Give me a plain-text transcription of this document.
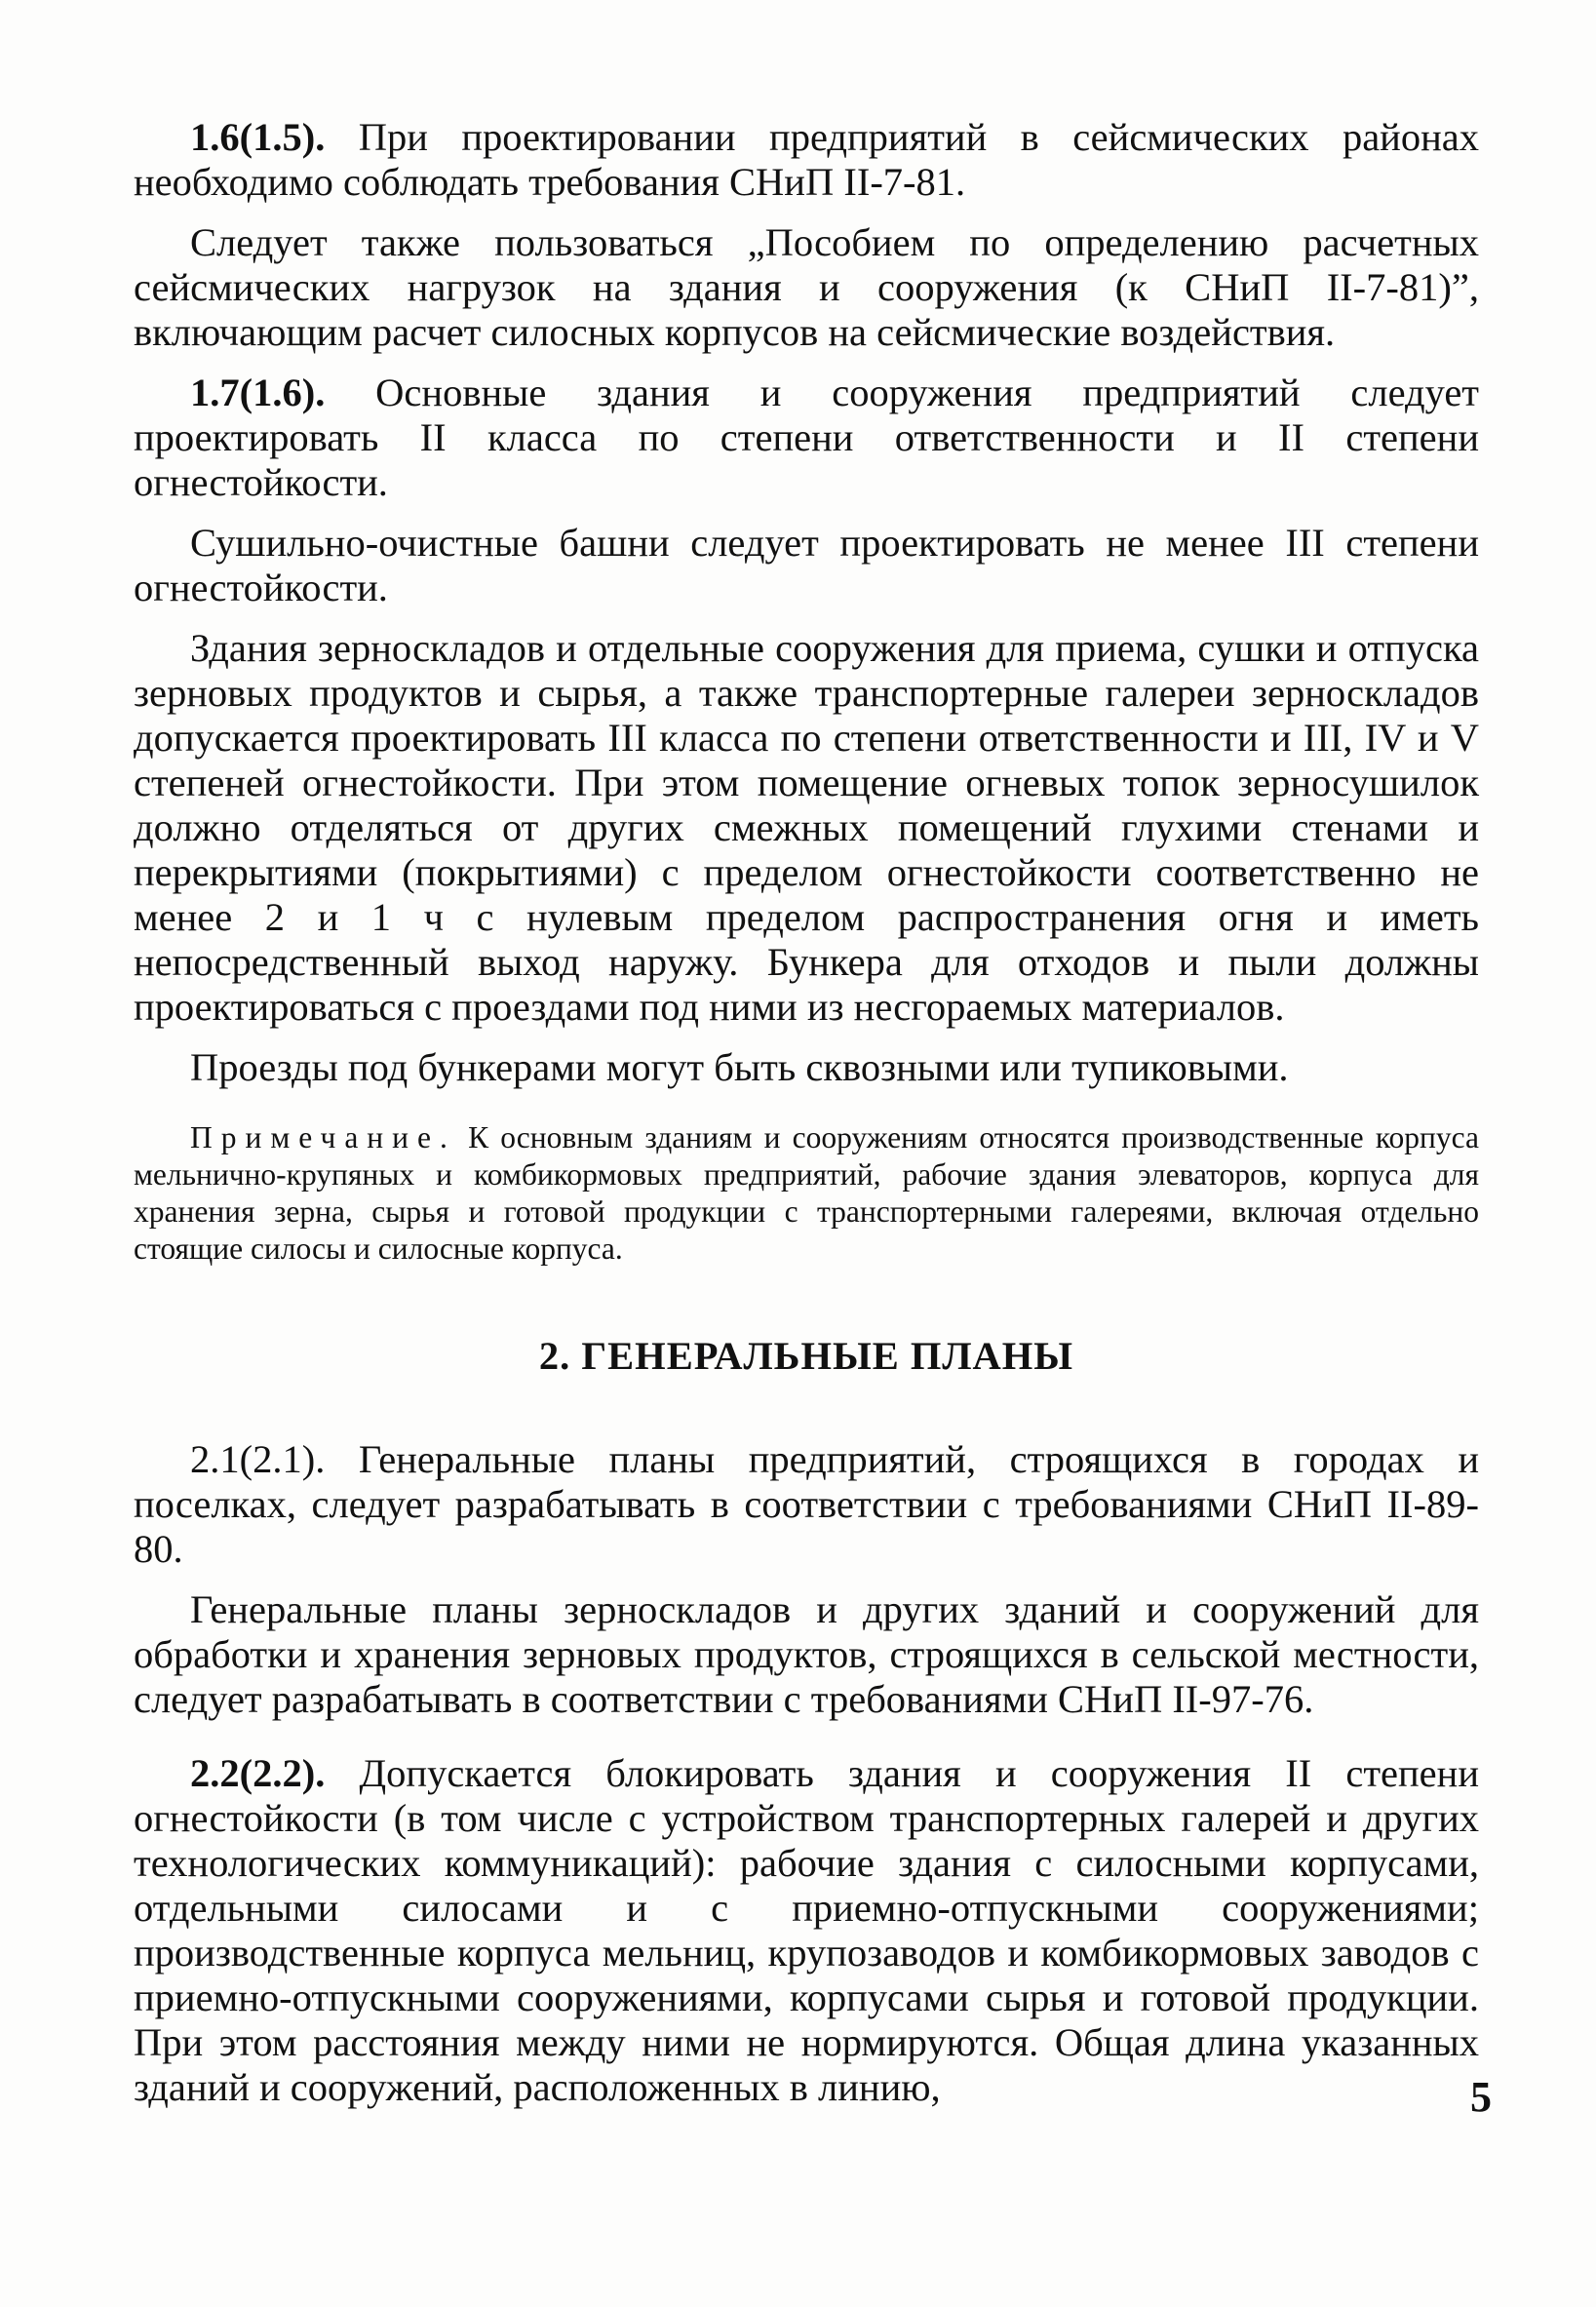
1.6(1.5). При проектировании предприятий в сейсмических районах необходимо соблюдать требования СНиП II-7-81.

Следует также пользоваться „Пособием по определению расчетных сейсмических нагрузок на здания и сооружения (к СНиП II-7-81)”, включающим расчет силосных корпусов на сейсмические воздействия.

1.7(1.6). Основные здания и сооружения предприятий следует проектировать II класса по степени ответственности и II степени огнестойкости.

Сушильно-очистные башни следует проектировать не менее III степени огнестойкости.

Здания зерноскладов и отдельные сооружения для приема, сушки и отпуска зерновых продуктов и сырья, а также транспортерные галереи зерноскладов допускается проектировать III класса по степени ответственности и III, IV и V степеней огнестойкости. При этом помещение огневых топок зерносушилок должно отделяться от других смежных помещений глухими стенами и перекрытиями (покрытиями) с пределом огнестойкости соответственно не менее 2 и 1 ч с нулевым пределом распространения огня и иметь непосредственный выход наружу. Бункера для отходов и пыли должны проектироваться с проездами под ними из несгораемых материалов.

Проезды под бункерами могут быть сквозными или тупиковыми.

Примечание. К основным зданиям и сооружениям относятся производственные корпуса мельнично-крупяных и комбикормовых предприятий, рабочие здания элеваторов, корпуса для хранения зерна, сырья и готовой продукции с транспортерными галереями, включая отдельно стоящие силосы и силосные корпуса.

2. ГЕНЕРАЛЬНЫЕ ПЛАНЫ

2.1(2.1). Генеральные планы предприятий, строящихся в городах и поселках, следует разрабатывать в соответствии с требованиями СНиП II-89-80.

Генеральные планы зерноскладов и других зданий и сооружений для обработки и хранения зерновых продуктов, строящихся в сельской местности, следует разрабатывать в соответствии с требованиями СНиП II-97-76.

2.2(2.2). Допускается блокировать здания и сооружения II степени огнестойкости (в том числе с устройством транспортерных галерей и других технологических коммуникаций): рабочие здания с силосными корпусами, отдельными силосами и с приемно-отпускными сооружениями; производственные корпуса мельниц, крупозаводов и комбикормовых заводов с приемно-отпускными сооружениями, корпусами сырья и готовой продукции. При этом расстояния между ними не нормируются. Общая длина указанных зданий и сооружений, расположенных в линию,	5
